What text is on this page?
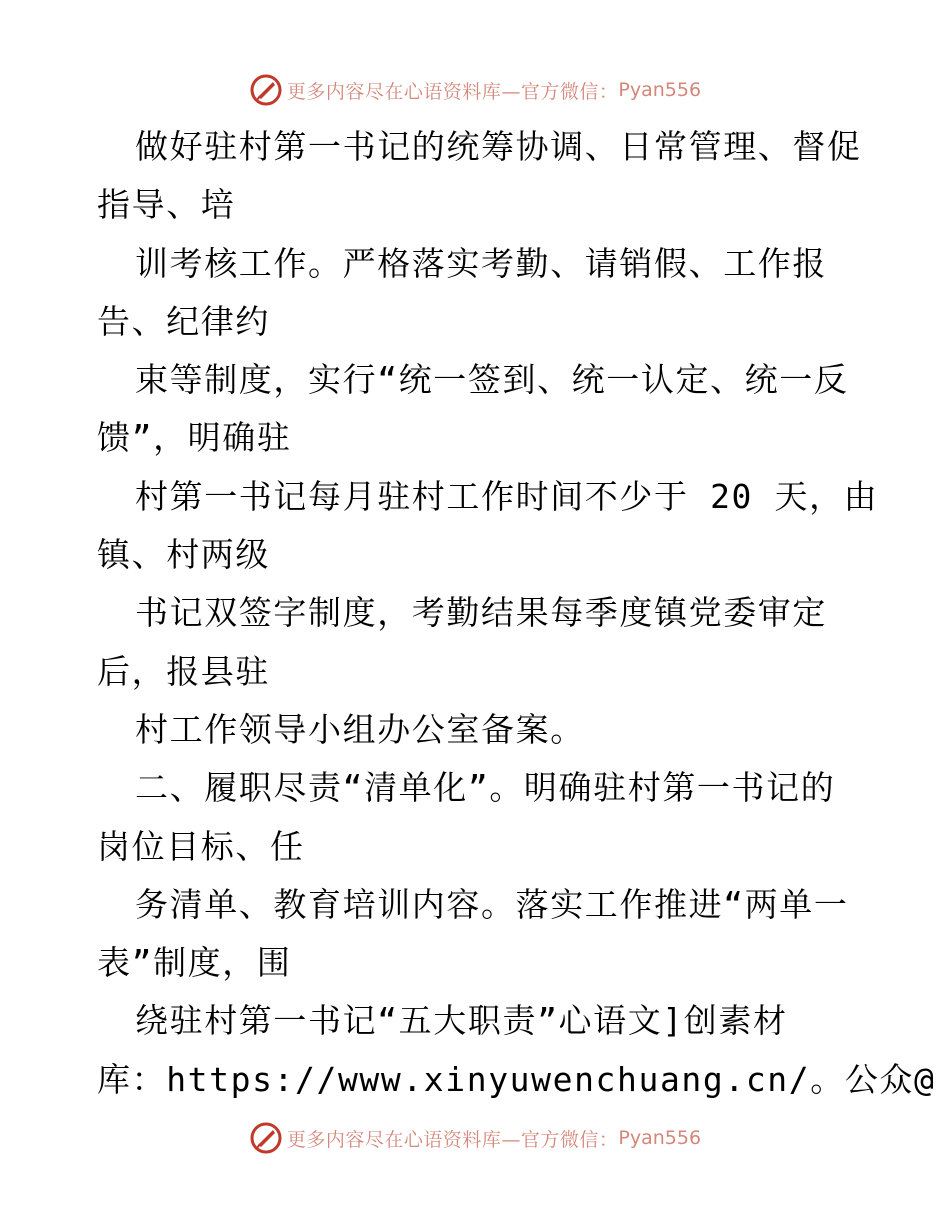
更多内容尽在心语资料库—官方微信： Pyan556
做好驻村第一书记的统筹协调、日常管理、督促
指导、培
训考核工作。严格落实考勤、请销假、工作报
告、纪律约
束等制度，实行“统一签到、统一认定、统一反
馈”，明确驻
村第一书记每月驻村工作时间不少于 20 天，由
镇、村两级
书记双签字制度，考勤结果每季度镇党委审定
后，报县驻
村工作领导小组办公室备案。
二、履职尽责“清单化”。明确驻村第一书记的
岗位目标、任
务清单、教育培训内容。落实工作推进“两单一
表”制度，围
绕驻村第一书记“五大职责”心语文]创素材
库：https://www.xinyuwenchuang.cn/。公众@
更多内容尽在心语资料库—官方微信： Pyan556
